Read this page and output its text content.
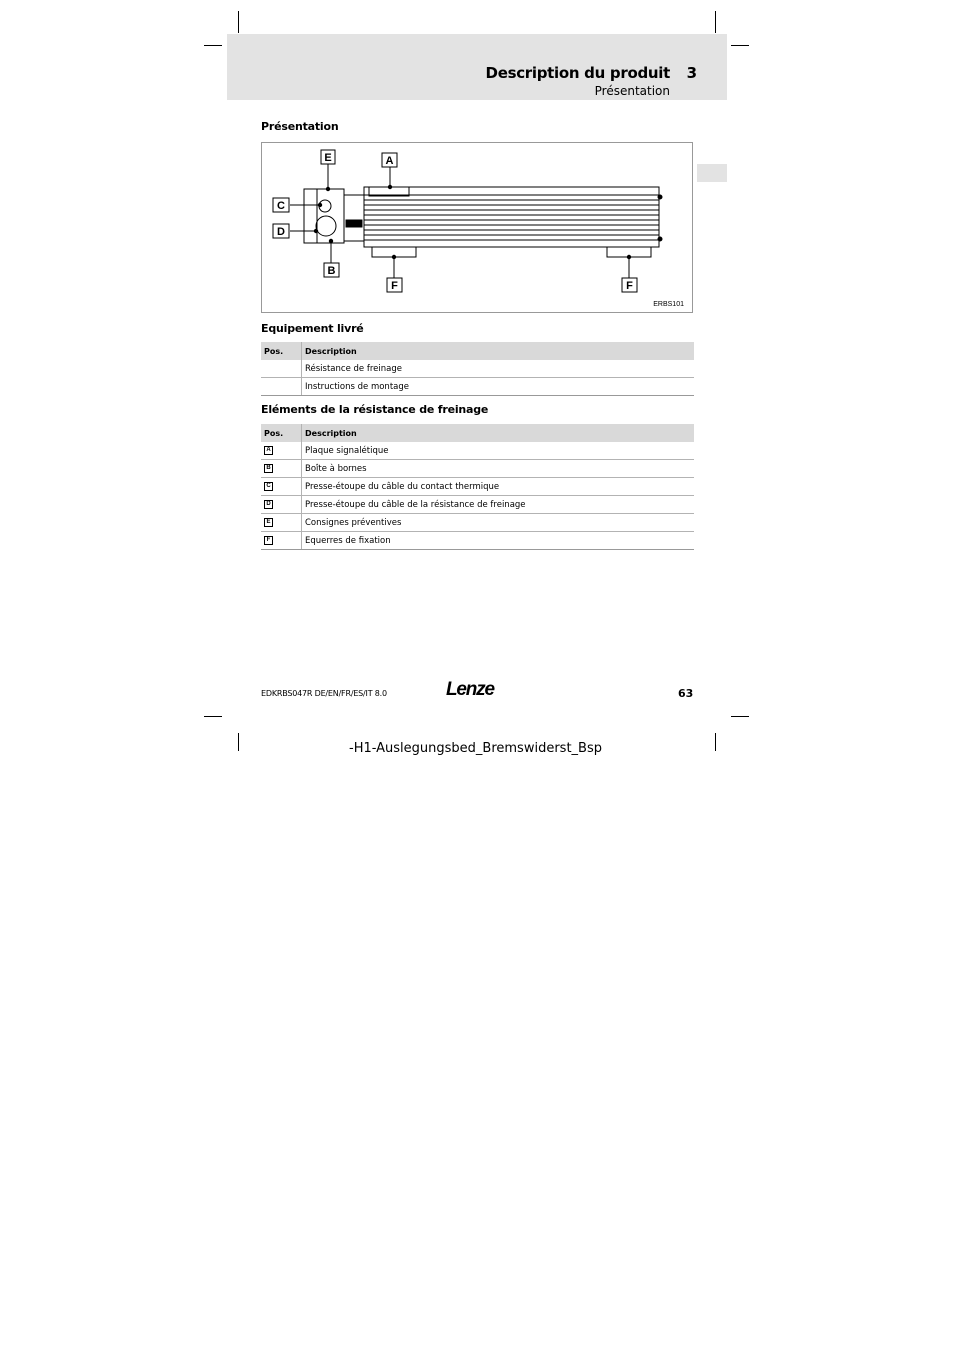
Description du produit 3
Présentation
Présentation
E	A
C
D
B
F	F
ERBS101
Equipement livré
Pos.	Description
	Résistance de freinage
	Instructions de montage
Eléments de la résistance de freinage
Pos.	Description
A	Plaque signalétique
B	Boîte à bornes
C	Presse-étoupe du câble du contact thermique
D	Presse-étoupe du câble de la résistance de freinage
E	Consignes préventives
F	Equerres de fixation
EDKRBS047R DE/EN/FR/ES/IT 8.0	Lenze	63
-H1-Auslegungsbed_Bremswiderst_Bsp
